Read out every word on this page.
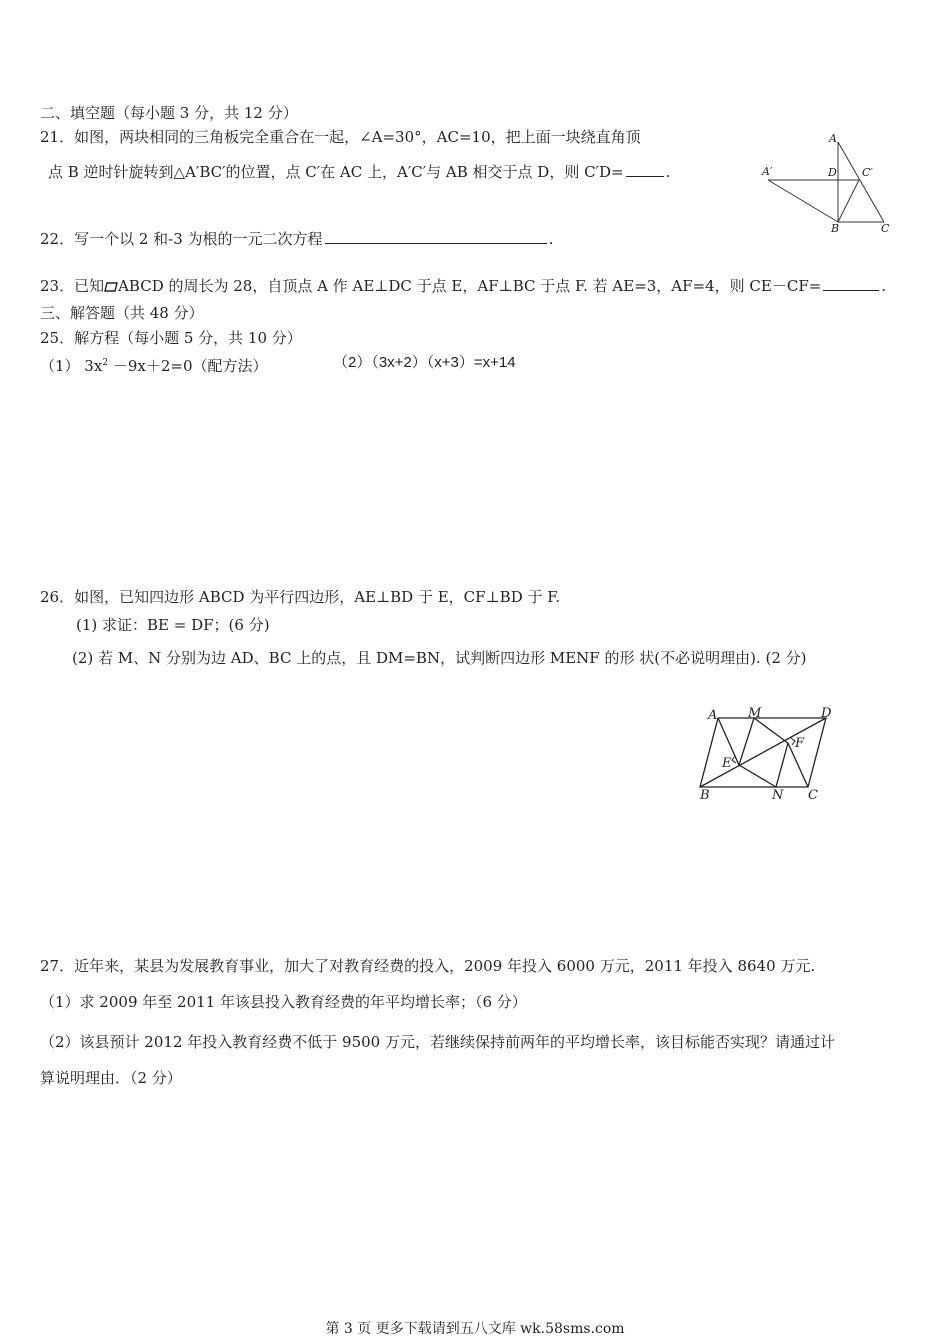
二、填空题（每小题 3 分，共 12 分）
21．如图，两块相同的三角板完全重合在一起，∠A=30°，AC=10，把上面一块绕直角顶
点 B 逆时针旋转到△A′BC′的位置，点 C′在 AC 上，A′C′与 AB 相交于点 D，则 C′D=	.
A
A′	D C′
B	C
22．写一个以 2 和-3 为根的一元二次方程	.
23．已知 ABCD 的周长为 28，自顶点 A 作 AE⊥DC 于点 E，AF⊥BC 于点 F. 若 AE=3，AF=4，则 CE－CF=	.
三、解答题（共 48 分）
25．解方程（每小题 5 分，共 10 分）
（1） $3x^2 -9x+2=0$（配方法）	（2）（3x+2）（x+3）=x+14
26．如图，已知四边形 ABCD 为平行四边形，AE⊥BD 于 E，CF⊥BD 于 F.
(1) 求证：BE = DF；(6 分)
(2) 若 M、N 分别为边 AD、BC 上的点，且 DM=BN，试判断四边形 MENF 的形 状(不必说明理由). (2 分)
A M	D
F
E
B	N C
27．近年来，某县为发展教育事业，加大了对教育经费的投入，2009 年投入 6000 万元，2011 年投入 8640 万元.
（1）求 2009 年至 2011 年该县投入教育经费的年平均增长率；（6 分）
（2）该县预计 2012 年投入教育经费不低于 9500 万元，若继续保持前两年的平均增长率，该目标能否实现？请通过计
算说明理由．（2 分）
第 3 页 更多下载请到五八文库 wk.58sms.com
